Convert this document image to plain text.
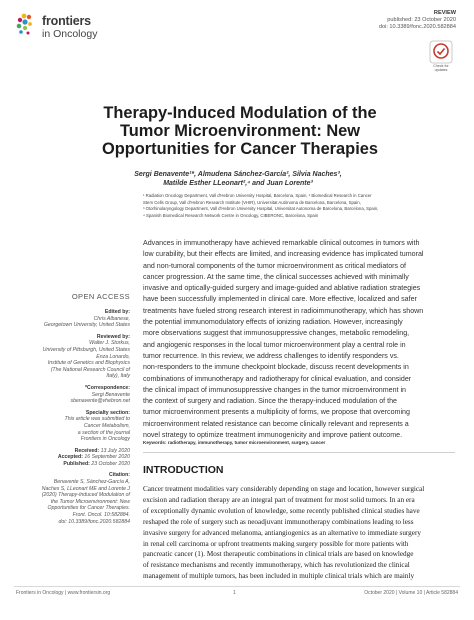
frontiers
in Oncology
REVIEW
published: 23 October 2020
doi: 10.3389/fonc.2020.582884
Check for updates
Therapy-Induced Modulation of the
Tumor Microenvironment: New
Opportunities for Cancer Therapies
Sergi Benavente¹*, Almudena Sánchez-García², Silvia Naches³,
Matilde Esther LLeonart²,⁴ and Juan Lorente³
¹ Radiation Oncology Department, Vall d'Hebron University Hospital, Barcelona, Spain, ² Biomedical Research in Cancer
Stem Cells Group, Vall d'Hebron Research Institute (VHIR), Universitat Autònoma de Barcelona, Barcelona, Spain,
³ Otorhinolaryngology Department, Vall d'Hebron University Hospital, Universitat Autonoma de Barcelona, Barcelona, Spain,
⁴ Spanish Biomedical Research Network Centre in Oncology, CIBERONC, Barcelona, Spain
OPEN ACCESS
Edited by:
Chris Albanese,
Georgetown University, United States
Reviewed by:
Walter J. Storkus,
University of Pittsburgh, United States
Enza Lonardo,
Institute of Genetics and Biophysics
(The National Research Council of
Italy), Italy
*Correspondence:
Sergi Benavente
sbenavente@vhebron.net
Specialty section:
This article was submitted to
Cancer Metabolism,
a section of the journal
Frontiers in Oncology
Received: 13 July 2020
Accepted: 16 September 2020
Published: 23 October 2020
Citation:
Benavente S, Sánchez-García A,
Naches S, LLeonart ME and Lorente J
(2020) Therapy-Induced Modulation of
the Tumor Microenvironment: New
Opportunities for Cancer Therapies.
Front. Oncol. 10:582884.
doi: 10.3389/fonc.2020.582884
Advances in immunotherapy have achieved remarkable clinical outcomes in tumors with
low curability, but their effects are limited, and increasing evidence has implicated tumoral
and non-tumoral components of the tumor microenvironment as critical mediators of
cancer progression. At the same time, the clinical successes achieved with minimally
invasive and optically-guided surgery and image-guided and ablative radiation strategies
have been successfully implemented in clinical care. More effective, localized and safer
treatments have fueled strong research interest in radioimmunotherapy, which has shown
the potential immunomodulatory effects of ionizing radiation. However, increasingly
more observations suggest that immunosuppressive changes, metabolic remodeling,
and angiogenic responses in the local tumor microenvironment play a central role in
tumor recurrence. In this review, we address challenges to identify responders vs.
non-responders to the immune checkpoint blockade, discuss recent developments in
combinations of immunotherapy and radiotherapy for clinical evaluation, and consider
the clinical impact of immunosuppressive changes in the tumor microenvironment in
the context of surgery and radiation. Since the therapy-induced modulation of the
tumor microenvironment presents a multiplicity of forms, we propose that overcoming
microenvironment related resistance can become clinically relevant and represents a
novel strategy to optimize treatment immunogenicity and improve patient outcome.
Keywords: radiotherapy, immunotherapy, tumor microenvironment, surgery, cancer
INTRODUCTION
Cancer treatment modalities vary considerably depending on stage and location, however surgical
excision and radiation therapy are an integral part of treatment for most solid tumors. In an era
of exceptionally dynamic evolution of knowledge, some recently published clinical studies have
reshaped the role of surgery such as neoadjuvant immunotherapy combinations leading to less
invasive surgery for advanced melanoma, antiangiogenics as an alternative to immediate surgery
in renal cell carcinoma or upfront treatments making surgery possible for more patients with
pancreatic cancer (1). Most therapeutic combinations in clinical trials are based on knowledge
of resistance mechanisms and recently immunotherapy, which has revolutionized the clinical
management of multiple tumors, has been included in multiple clinical trials which are mainly
Frontiers in Oncology | www.frontiersin.org	1	October 2020 | Volume 10 | Article 582884
